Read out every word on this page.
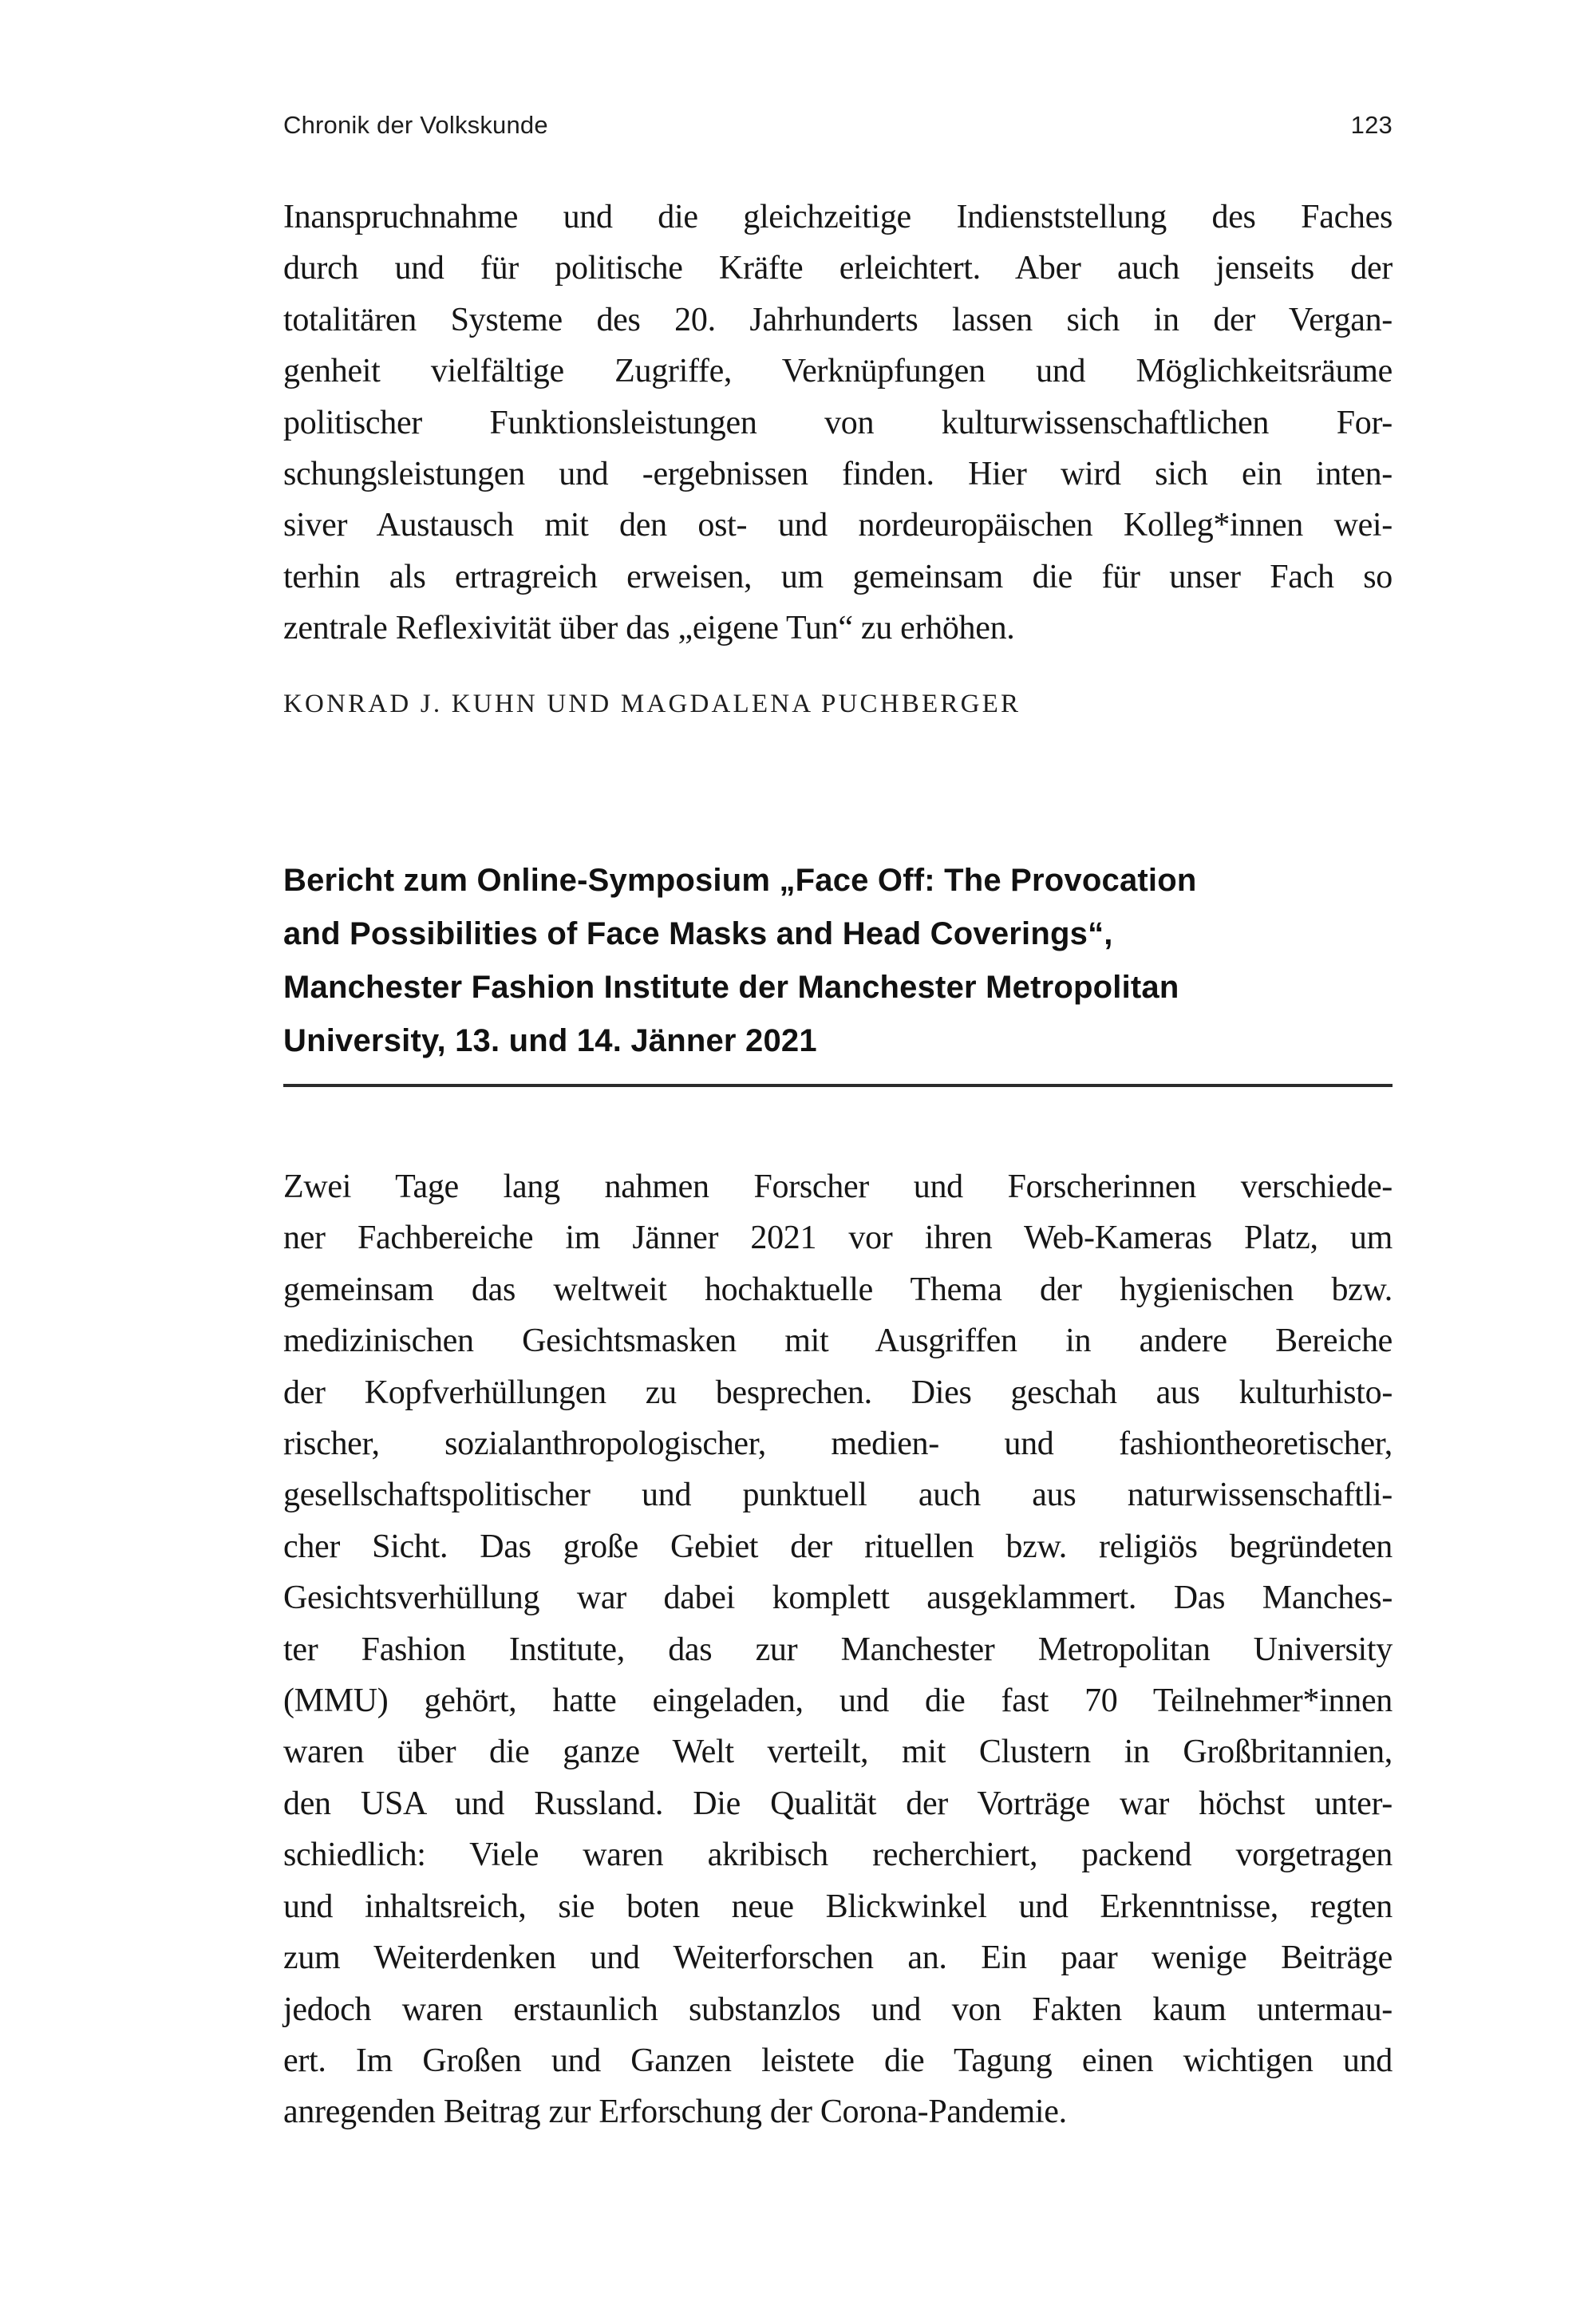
Chronik der Volkskunde	123
Inanspruchnahme und die gleichzeitige Indienststellung des Faches
durch und für politische Kräfte erleichtert. Aber auch jenseits der
totalitären Systeme des 20. Jahrhunderts lassen sich in der Vergan-
genheit vielfältige Zugriffe, Verknüpfungen und Möglichkeitsräume
politischer Funktionsleistungen von kulturwissenschaftlichen For-
schungsleistungen und -ergebnissen finden. Hier wird sich ein inten-
siver Austausch mit den ost- und nordeuropäischen Kolleg*innen wei-
terhin als ertragreich erweisen, um gemeinsam die für unser Fach so
zentrale Reflexivität über das „eigene Tun“ zu erhöhen.
KONRAD J. KUHN UND MAGDALENA PUCHBERGER
Bericht zum Online-Symposium „Face Off: The Provocation
and Possibilities of Face Masks and Head Coverings“,
Manchester Fashion Institute der Manchester Metropolitan
University, 13. und 14. Jänner 2021
Zwei Tage lang nahmen Forscher und Forscherinnen verschiede-
ner Fachbereiche im Jänner 2021 vor ihren Web-Kameras Platz, um
gemeinsam das weltweit hochaktuelle Thema der hygienischen bzw.
medizinischen Gesichtsmasken mit Ausgriffen in andere Bereiche
der Kopfverhüllungen zu besprechen. Dies geschah aus kulturhisto-
rischer, sozialanthropologischer, medien- und fashiontheoretischer,
gesellschaftspolitischer und punktuell auch aus naturwissenschaftli-
cher Sicht. Das große Gebiet der rituellen bzw. religiös begründeten
Gesichtsverhüllung war dabei komplett ausgeklammert. Das Manches-
ter Fashion Institute, das zur Manchester Metropolitan University
(MMU) gehört, hatte eingeladen, und die fast 70 Teilnehmer*innen
waren über die ganze Welt verteilt, mit Clustern in Großbritannien,
den USA und Russland. Die Qualität der Vorträge war höchst unter-
schiedlich: Viele waren akribisch recherchiert, packend vorgetragen
und inhaltsreich, sie boten neue Blickwinkel und Erkenntnisse, regten
zum Weiterdenken und Weiterforschen an. Ein paar wenige Beiträge
jedoch waren erstaunlich substanzlos und von Fakten kaum untermau-
ert. Im Großen und Ganzen leistete die Tagung einen wichtigen und
anregenden Beitrag zur Erforschung der Corona-Pandemie.
